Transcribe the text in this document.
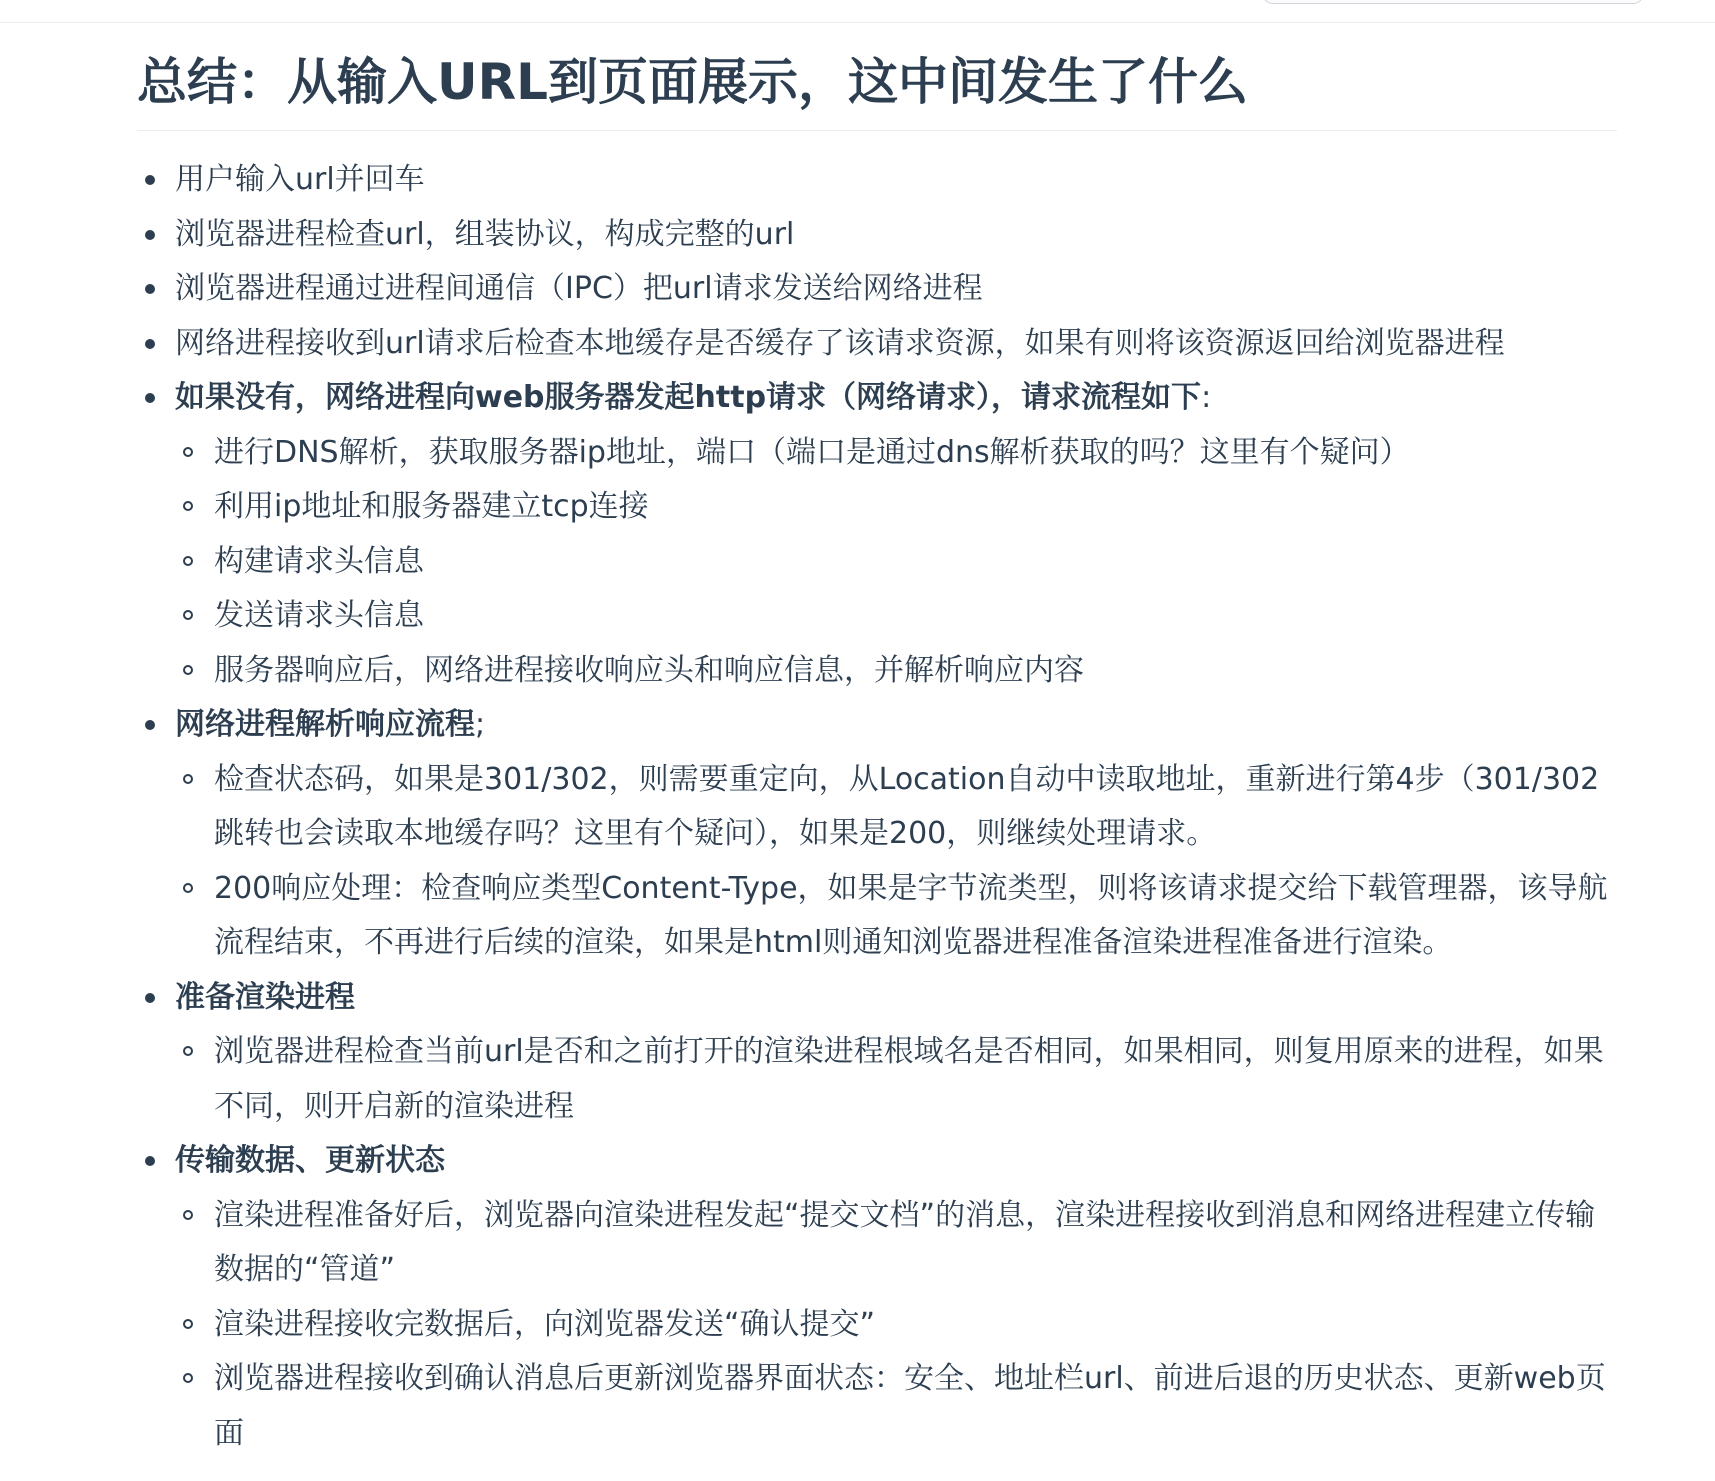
总结：从输入URL到页面展示，这中间发生了什么
用户输入url并回车
浏览器进程检查url，组装协议，构成完整的url
浏览器进程通过进程间通信（IPC）把url请求发送给网络进程
网络进程接收到url请求后检查本地缓存是否缓存了该请求资源，如果有则将该资源返回给浏览器进程
如果没有，网络进程向web服务器发起http请求（网络请求），请求流程如下:
进行DNS解析，获取服务器ip地址，端口（端口是通过dns解析获取的吗？这里有个疑问）
利用ip地址和服务器建立tcp连接
构建请求头信息
发送请求头信息
服务器响应后，网络进程接收响应头和响应信息，并解析响应内容
网络进程解析响应流程;
检查状态码，如果是301/302，则需要重定向，从Location自动中读取地址，重新进行第4步（301/302跳转也会读取本地缓存吗？这里有个疑问），如果是200，则继续处理请求。
200响应处理：检查响应类型Content-Type，如果是字节流类型，则将该请求提交给下载管理器，该导航流程结束，不再进行后续的渲染，如果是html则通知浏览器进程准备渲染进程准备进行渲染。
准备渲染进程
浏览器进程检查当前url是否和之前打开的渲染进程根域名是否相同，如果相同，则复用原来的进程，如果不同，则开启新的渲染进程
传输数据、更新状态
渲染进程准备好后，浏览器向渲染进程发起“提交文档”的消息，渲染进程接收到消息和网络进程建立传输数据的“管道”
渲染进程接收完数据后，向浏览器发送“确认提交”
浏览器进程接收到确认消息后更新浏览器界面状态：安全、地址栏url、前进后退的历史状态、更新web页面
